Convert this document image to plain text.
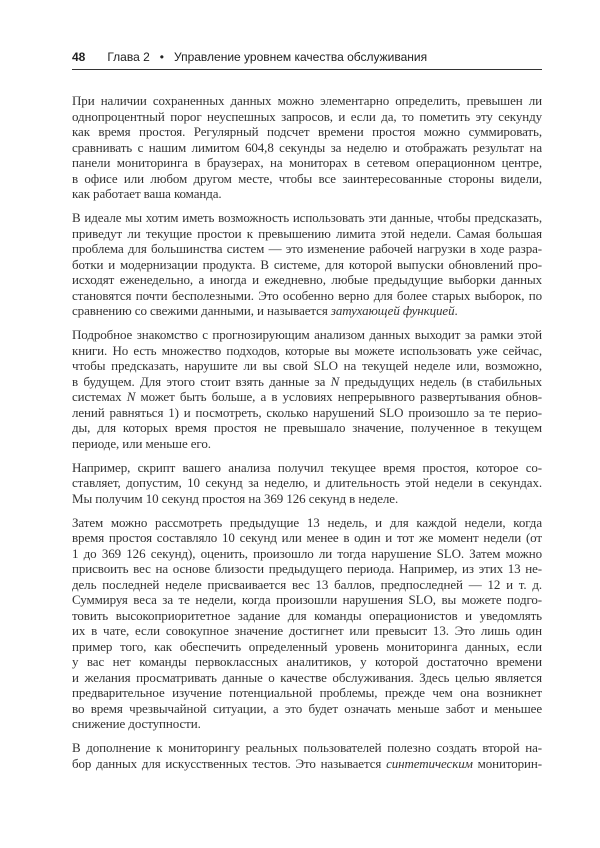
48 Глава 2 • Управление уровнем качества обслуживания
При наличии сохраненных данных можно элементарно определить, превышен ли
однопроцентный порог неуспешных запросов, и если да, то пометить эту секунду
как время простоя. Регулярный подсчет времени простоя можно суммировать,
сравнивать с нашим лимитом 604,8 секунды за неделю и отображать результат на
панели мониторинга в браузерах, на мониторах в сетевом операционном центре,
в офисе или любом другом месте, чтобы все заинтересованные стороны видели,
как работает ваша команда.
В идеале мы хотим иметь возможность использовать эти данные, чтобы предсказать,
приведут ли текущие простои к превышению лимита этой недели. Самая большая
проблема для большинства систем — это изменение рабочей нагрузки в ходе разра-
ботки и модернизации продукта. В системе, для которой выпуски обновлений про-
исходят еженедельно, а иногда и ежедневно, любые предыдущие выборки данных
становятся почти бесполезными. Это особенно верно для более старых выборок, по
сравнению со свежими данными, и называется затухающей функцией.
Подробное знакомство с прогнозирующим анализом данных выходит за рамки этой
книги. Но есть множество подходов, которые вы можете использовать уже сейчас,
чтобы предсказать, нарушите ли вы свой SLO на текущей неделе или, возможно,
в будущем. Для этого стоит взять данные за N предыдущих недель (в стабильных
системах N может быть больше, а в условиях непрерывного развертывания обнов-
лений равняться 1) и посмотреть, сколько нарушений SLO произошло за те перио-
ды, для которых время простоя не превышало значение, полученное в текущем
периоде, или меньше его.
Например, скрипт вашего анализа получил текущее время простоя, которое со-
ставляет, допустим, 10 секунд за неделю, и длительность этой недели в секундах.
Мы получим 10 секунд простоя на 369 126 секунд в неделе.
Затем можно рассмотреть предыдущие 13 недель, и для каждой недели, когда
время простоя составляло 10 секунд или менее в один и тот же момент недели (от
1 до 369 126 секунд), оценить, произошло ли тогда нарушение SLO. Затем можно
присвоить вес на основе близости предыдущего периода. Например, из этих 13 не-
дель последней неделе присваивается вес 13 баллов, предпоследней — 12 и т. д.
Суммируя веса за те недели, когда произошли нарушения SLO, вы можете подго-
товить высокоприоритетное задание для команды операционистов и уведомлять
их в чате, если совокупное значение достигнет или превысит 13. Это лишь один
пример того, как обеспечить определенный уровень мониторинга данных, если
у вас нет команды первоклассных аналитиков, у которой достаточно времени
и желания просматривать данные о качестве обслуживания. Здесь целью является
предварительное изучение потенциальной проблемы, прежде чем она возникнет
во время чрезвычайной ситуации, а это будет означать меньше забот и меньшее
снижение доступности.
В дополнение к мониторингу реальных пользователей полезно создать второй на-
бор данных для искусственных тестов. Это называется синтетическим мониторин-
